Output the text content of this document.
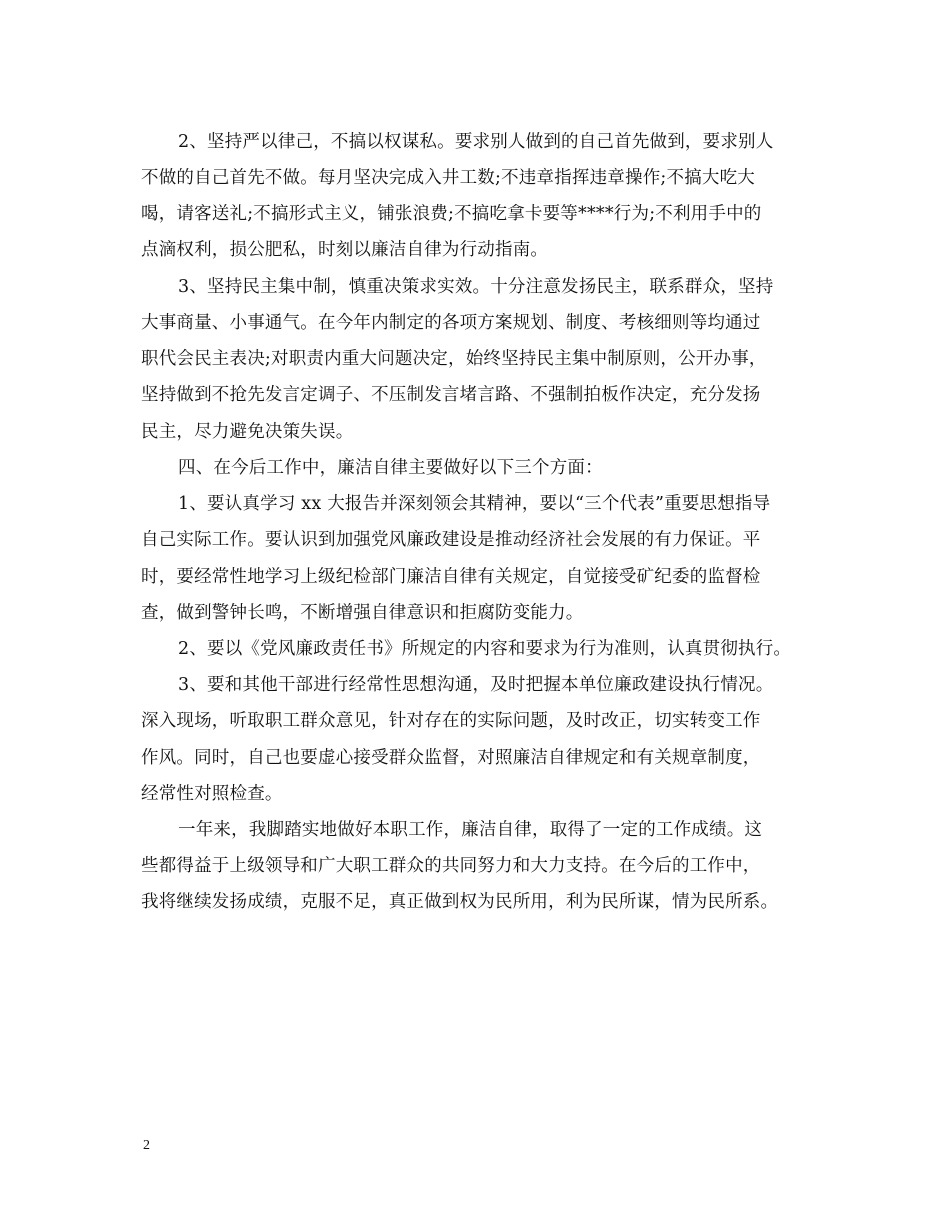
2、坚持严以律己，不搞以权谋私。要求别人做到的自己首先做到，要求别人
不做的自己首先不做。每月坚决完成入井工数;不违章指挥违章操作;不搞大吃大
喝，请客送礼;不搞形式主义，铺张浪费;不搞吃拿卡要等****行为;不利用手中的
点滴权利，损公肥私，时刻以廉洁自律为行动指南。
3、坚持民主集中制，慎重决策求实效。十分注意发扬民主，联系群众，坚持
大事商量、小事通气。在今年内制定的各项方案规划、制度、考核细则等均通过
职代会民主表决;对职责内重大问题决定，始终坚持民主集中制原则，公开办事，
坚持做到不抢先发言定调子、不压制发言堵言路、不强制拍板作决定，充分发扬
民主，尽力避免决策失误。
四、在今后工作中，廉洁自律主要做好以下三个方面：
1、要认真学习 xx 大报告并深刻领会其精神，要以“三个代表”重要思想指导
自己实际工作。要认识到加强党风廉政建设是推动经济社会发展的有力保证。平
时，要经常性地学习上级纪检部门廉洁自律有关规定，自觉接受矿纪委的监督检
查，做到警钟长鸣，不断增强自律意识和拒腐防变能力。
2、要以《党风廉政责任书》所规定的内容和要求为行为准则，认真贯彻执行。
3、要和其他干部进行经常性思想沟通，及时把握本单位廉政建设执行情况。
深入现场，听取职工群众意见，针对存在的实际问题，及时改正，切实转变工作
作风。同时，自己也要虚心接受群众监督，对照廉洁自律规定和有关规章制度，
经常性对照检查。
一年来，我脚踏实地做好本职工作，廉洁自律，取得了一定的工作成绩。这
些都得益于上级领导和广大职工群众的共同努力和大力支持。在今后的工作中，
我将继续发扬成绩，克服不足，真正做到权为民所用，利为民所谋，情为民所系。
2
